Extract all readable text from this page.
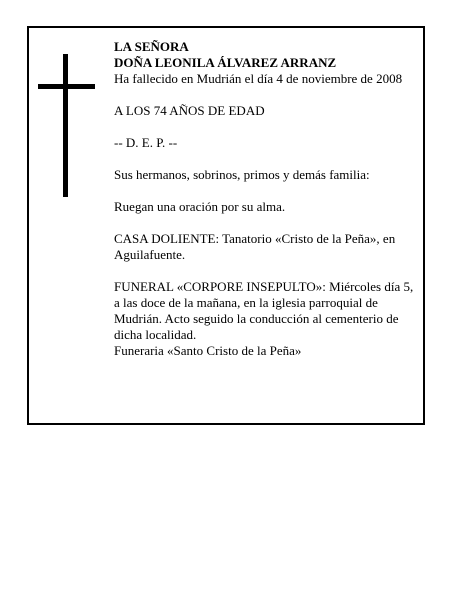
LA SEÑORA

DOÑA LEONILA ÁLVAREZ ARRANZ

Ha fallecido en Mudrián el día 4 de noviembre de 2008

A LOS 74 AÑOS DE EDAD

-- D. E. P. --

Sus hermanos, sobrinos, primos y demás familia:

Ruegan una oración por su alma.

CASA DOLIENTE: Tanatorio «Cristo de la Peña», en Aguilafuente.

FUNERAL «CORPORE INSEPULTO»: Miércoles día 5, a las doce de la mañana, en la iglesia parroquial de Mudrián. Acto seguido la conducción al cementerio de dicha localidad.

Funeraria «Santo Cristo de la Peña»
